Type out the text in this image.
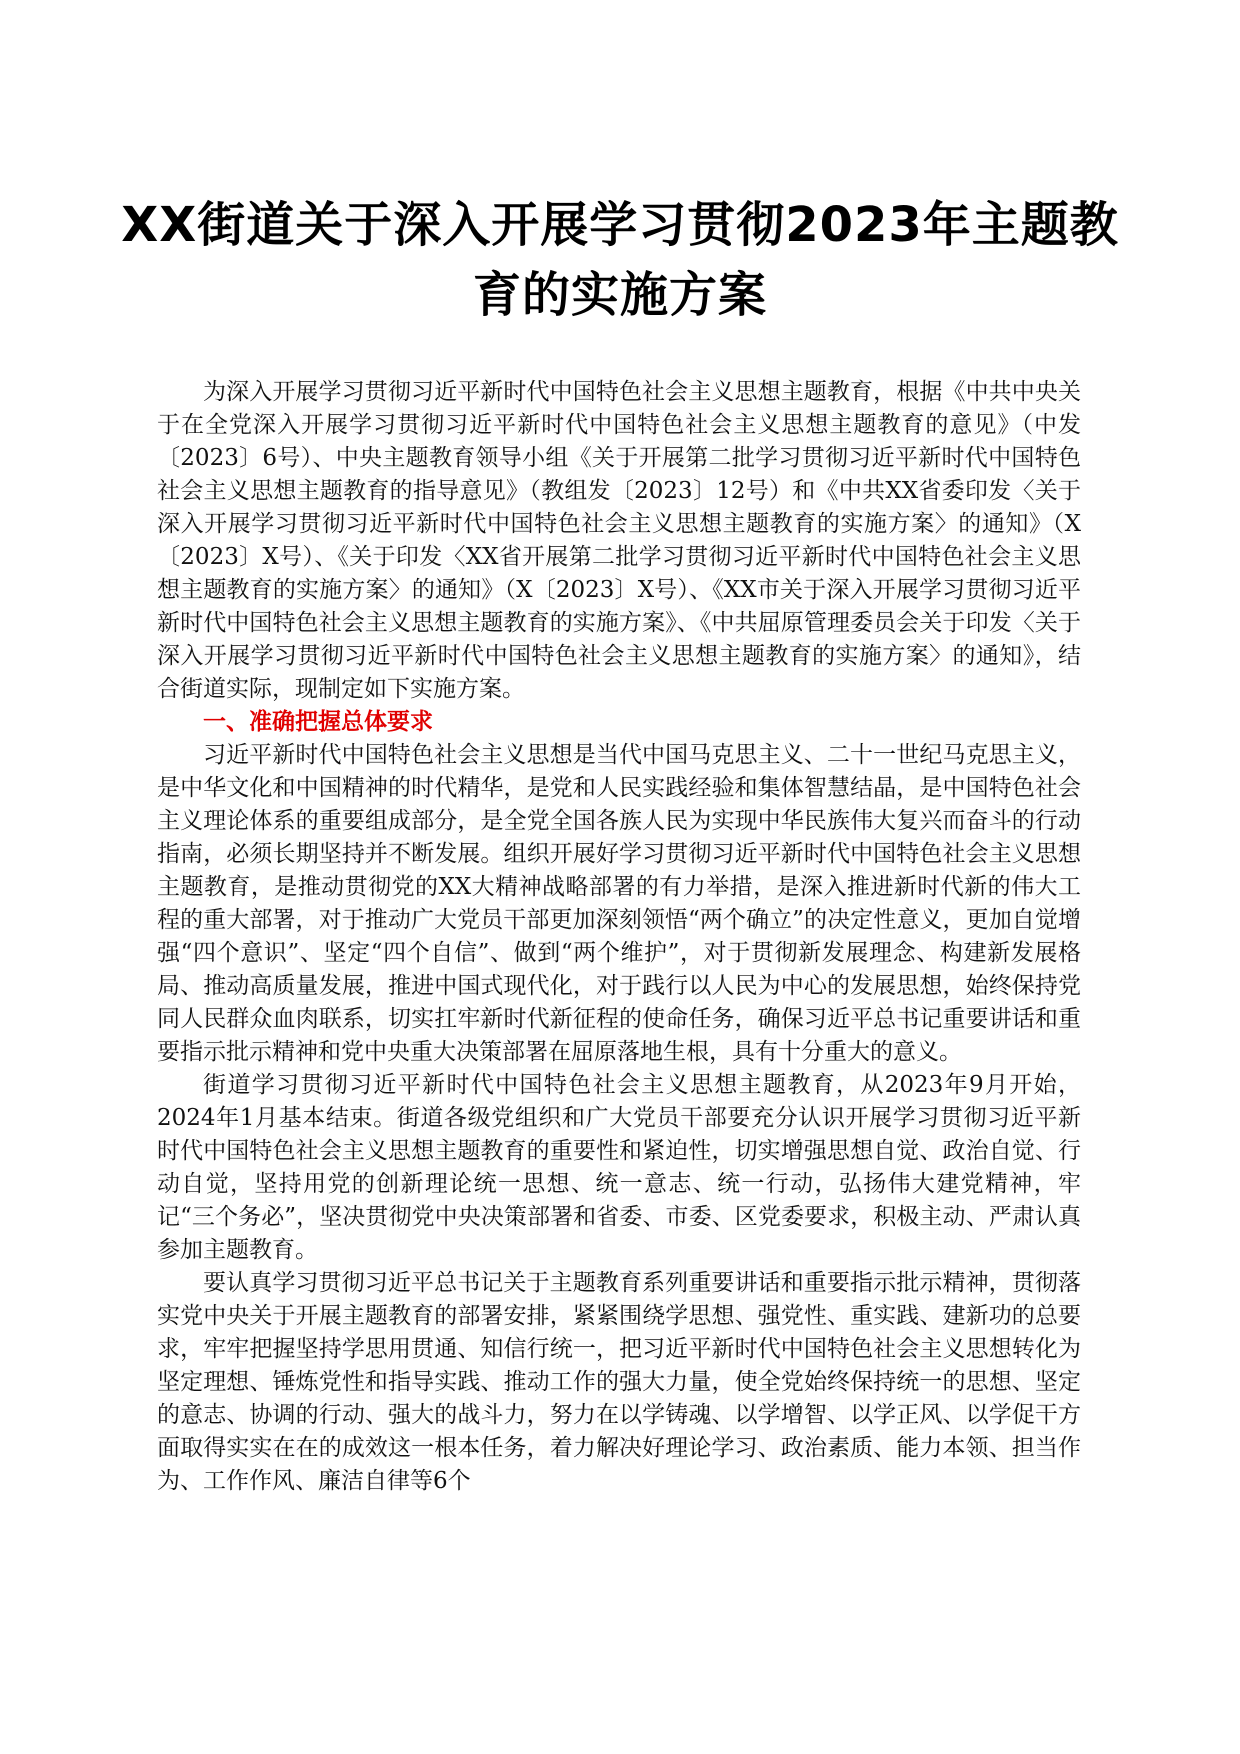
XX街道关于深入开展学习贯彻2023年主题教育的实施方案

为深入开展学习贯彻习近平新时代中国特色社会主义思想主题教育，根据《中共中央关于在全党深入开展学习贯彻习近平新时代中国特色社会主义思想主题教育的意见》（中发〔2023〕6号）、中央主题教育领导小组《关于开展第二批学习贯彻习近平新时代中国特色社会主义思想主题教育的指导意见》（教组发〔2023〕12号）和《中共XX省委印发〈关于深入开展学习贯彻习近平新时代中国特色社会主义思想主题教育的实施方案〉的通知》（X〔2023〕X号）、《关于印发〈XX省开展第二批学习贯彻习近平新时代中国特色社会主义思想主题教育的实施方案〉的通知》（X〔2023〕X号）、《XX市关于深入开展学习贯彻习近平新时代中国特色社会主义思想主题教育的实施方案》、《中共屈原管理委员会关于印发〈关于深入开展学习贯彻习近平新时代中国特色社会主义思想主题教育的实施方案〉的通知》，结合街道实际，现制定如下实施方案。

一、准确把握总体要求

习近平新时代中国特色社会主义思想是当代中国马克思主义、二十一世纪马克思主义，是中华文化和中国精神的时代精华，是党和人民实践经验和集体智慧结晶，是中国特色社会主义理论体系的重要组成部分，是全党全国各族人民为实现中华民族伟大复兴而奋斗的行动指南，必须长期坚持并不断发展。组织开展好学习贯彻习近平新时代中国特色社会主义思想主题教育，是推动贯彻党的XX大精神战略部署的有力举措，是深入推进新时代新的伟大工程的重大部署，对于推动广大党员干部更加深刻领悟“两个确立”的决定性意义，更加自觉增强“四个意识”、坚定“四个自信”、做到“两个维护”，对于贯彻新发展理念、构建新发展格局、推动高质量发展，推进中国式现代化，对于践行以人民为中心的发展思想，始终保持党同人民群众血肉联系，切实扛牢新时代新征程的使命任务，确保习近平总书记重要讲话和重要指示批示精神和党中央重大决策部署在屈原落地生根，具有十分重大的意义。

街道学习贯彻习近平新时代中国特色社会主义思想主题教育，从2023年9月开始，2024年1月基本结束。街道各级党组织和广大党员干部要充分认识开展学习贯彻习近平新时代中国特色社会主义思想主题教育的重要性和紧迫性，切实增强思想自觉、政治自觉、行动自觉，坚持用党的创新理论统一思想、统一意志、统一行动，弘扬伟大建党精神，牢记“三个务必”，坚决贯彻党中央决策部署和省委、市委、区党委要求，积极主动、严肃认真参加主题教育。

要认真学习贯彻习近平总书记关于主题教育系列重要讲话和重要指示批示精神，贯彻落实党中央关于开展主题教育的部署安排，紧紧围绕学思想、强党性、重实践、建新功的总要求，牢牢把握坚持学思用贯通、知信行统一，把习近平新时代中国特色社会主义思想转化为坚定理想、锤炼党性和指导实践、推动工作的强大力量，使全党始终保持统一的思想、坚定的意志、协调的行动、强大的战斗力，努力在以学铸魂、以学增智、以学正风、以学促干方面取得实实在在的成效这一根本任务，着力解决好理论学习、政治素质、能力本领、担当作为、工作作风、廉洁自律等6个
